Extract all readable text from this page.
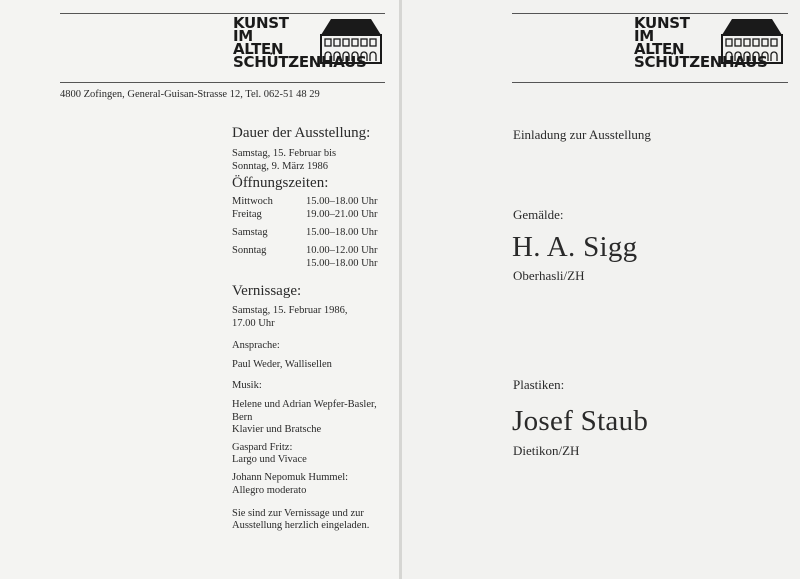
KUNST
IM
ALTEN
SCHÜTZENHAUS
4800 Zofingen, General-Guisan-Strasse 12, Tel. 062-51 48 29
Dauer der Ausstellung:
Samstag, 15. Februar bis
Sonntag, 9. März 1986
Öffnungszeiten:
Mittwoch	15.00–18.00 Uhr
Freitag	19.00–21.00 Uhr
Samstag	15.00–18.00 Uhr
Sonntag	10.00–12.00 Uhr
15.00–18.00 Uhr
Vernissage:
Samstag, 15. Februar 1986,
17.00 Uhr
Ansprache:
Paul Weder, Wallisellen
Musik:
Helene und Adrian Wepfer-Basler,
Bern
Klavier und Bratsche
Gaspard Fritz:
Largo und Vivace
Johann Nepomuk Hummel:
Allegro moderato
Sie sind zur Vernissage und zur
Ausstellung herzlich eingeladen.
KUNST
IM
ALTEN
SCHÜTZENHAUS
Einladung zur Ausstellung
Gemälde:
H. A. Sigg
Oberhasli/ZH
Plastiken:
Josef Staub
Dietikon/ZH
